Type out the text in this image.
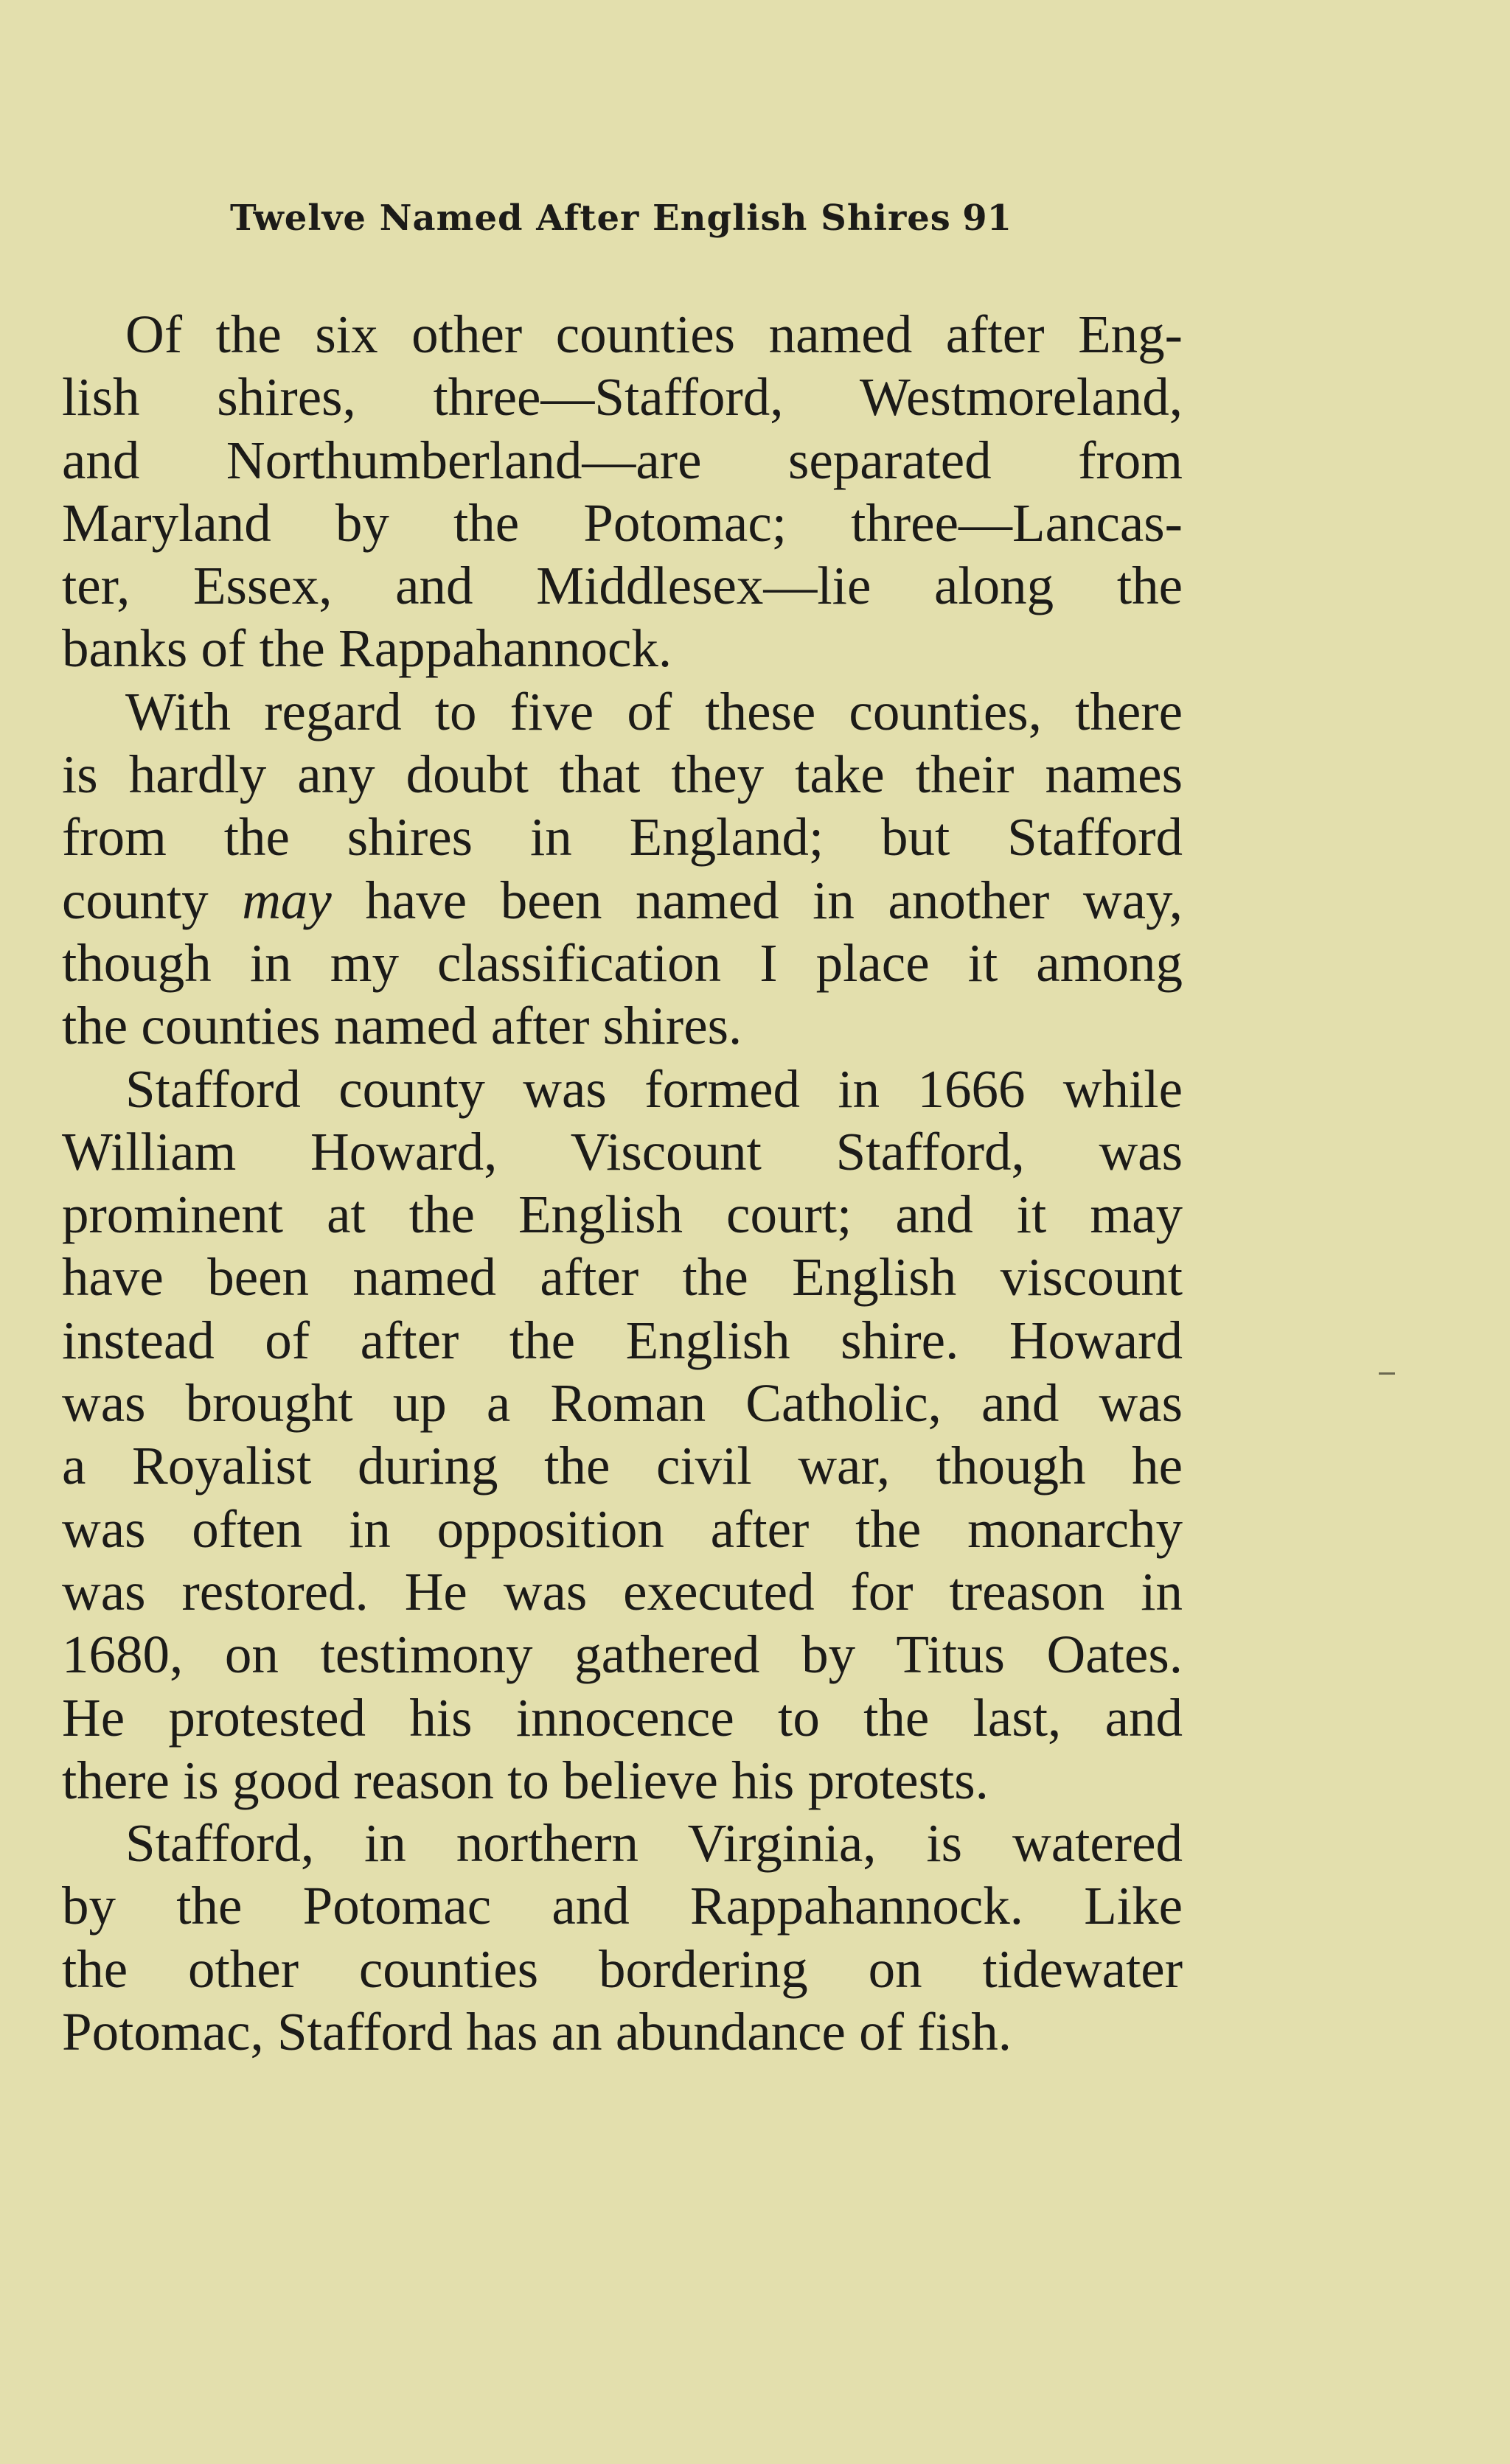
Twelve Named After English Shires 91
Of the six other counties named after Eng-
lish shires, three—Stafford, Westmoreland,
and Northumberland—are separated from
Maryland by the Potomac; three—Lancas-
ter, Essex, and Middlesex—lie along the
banks of the Rappahannock.
With regard to five of these counties, there
is hardly any doubt that they take their names
from the shires in England; but Stafford
county may have been named in another way,
though in my classification I place it among
the counties named after shires.
Stafford county was formed in 1666 while
William Howard, Viscount Stafford, was
prominent at the English court; and it may
have been named after the English viscount
instead of after the English shire. Howard
was brought up a Roman Catholic, and was
a Royalist during the civil war, though he
was often in opposition after the monarchy
was restored. He was executed for treason in
1680, on testimony gathered by Titus Oates.
He protested his innocence to the last, and
there is good reason to believe his protests.
Stafford, in northern Virginia, is watered
by the Potomac and Rappahannock. Like
the other counties bordering on tidewater
Potomac, Stafford has an abundance of fish.
